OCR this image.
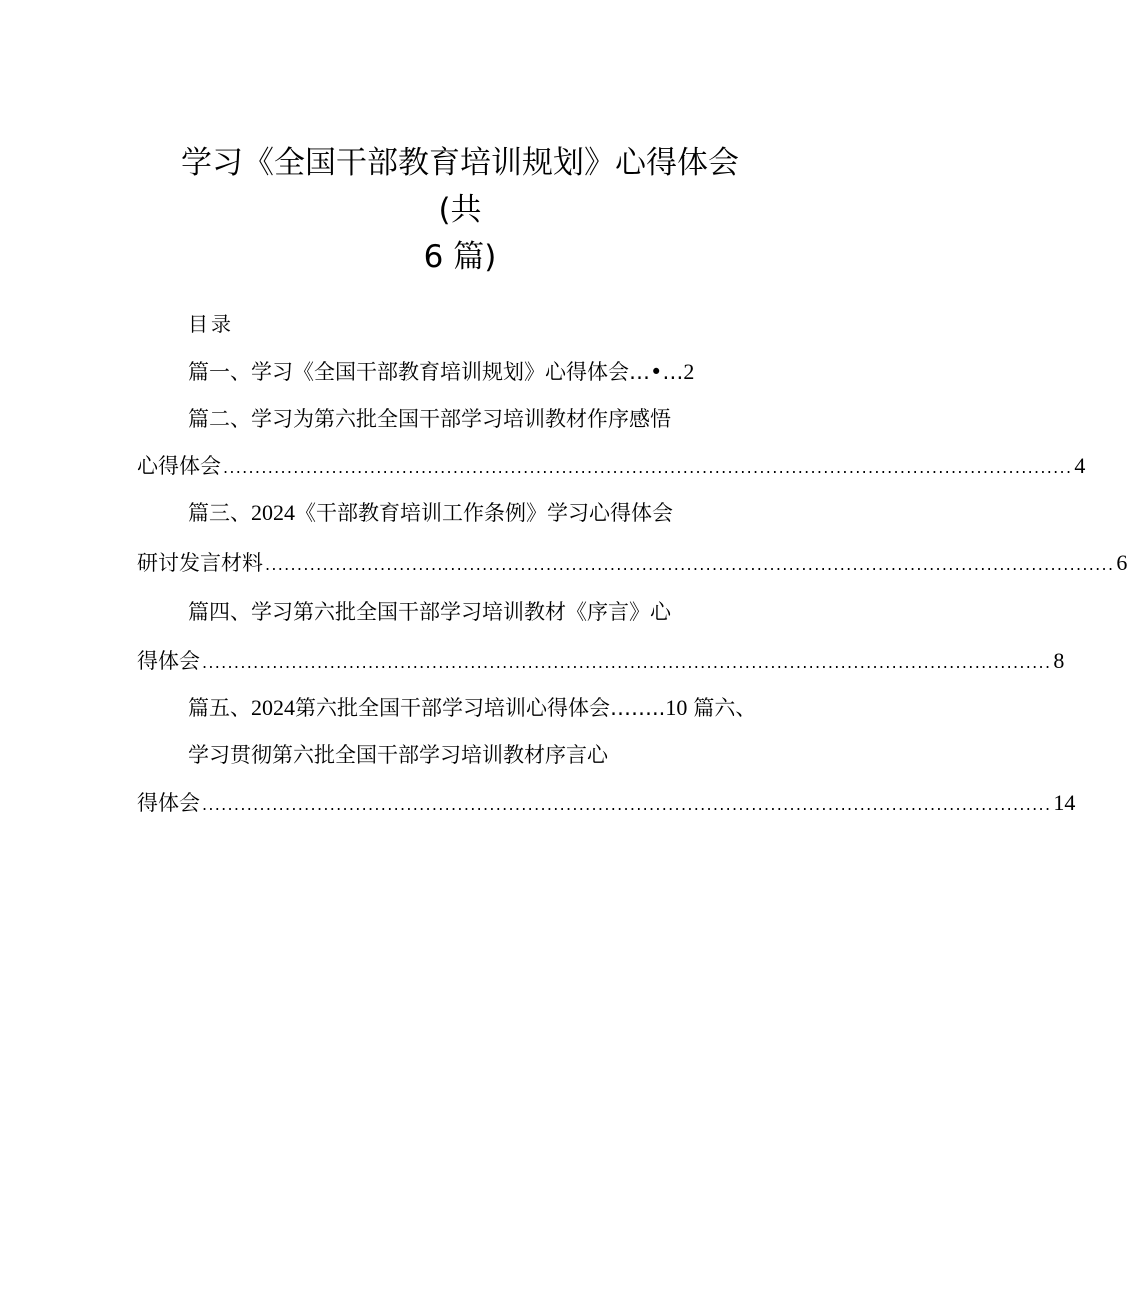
学习《全国干部教育培训规划》心得体会
(共
6 篇)
目录
篇一、学习《全国干部教育培训规划》心得体会 …•… 2
篇二、学习为第六批全国干部学习培训教材作序感悟
心得体会 ..................................................................................................................................... 4
篇三、 2024 《干部教育培训工作条例》学习心得体会
研讨发言材料 ..................................................................................................................................... 6
篇四、学习第六批全国干部学习培训教材《序言》心
得体会 ..................................................................................................................................... 8
篇五、 2024 第六批全国干部学习培训心得体会 …….. 10 篇六、
学习贯彻第六批全国干部学习培训教材序言心
得体会 ..................................................................................................................................... 14
